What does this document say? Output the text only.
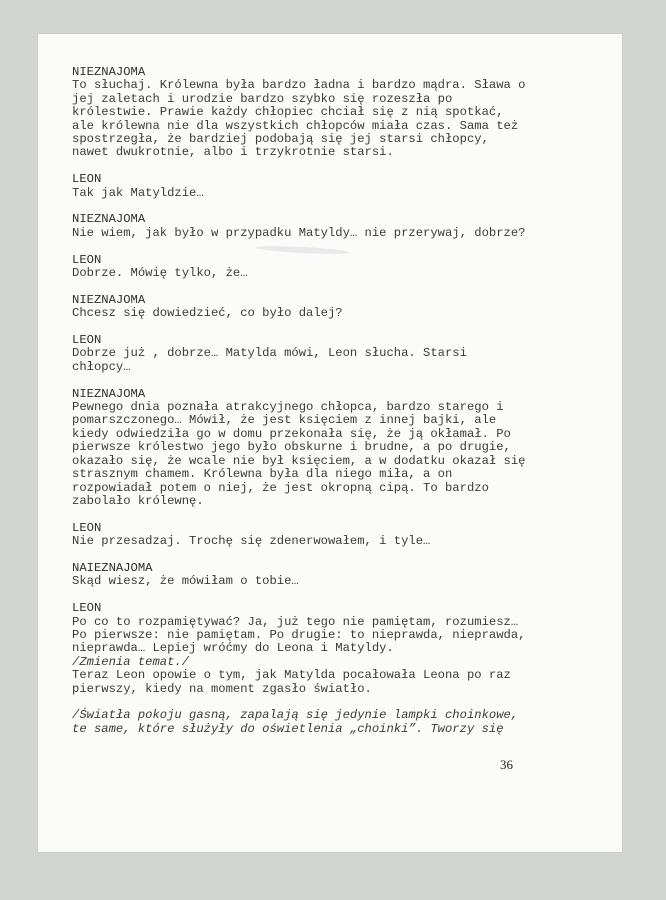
NIEZNAJOMA
To słuchaj. Królewna była bardzo ładna i bardzo mądra. Sława o
jej zaletach i urodzie bardzo szybko się rozeszła po
królestwie. Prawie każdy chłopiec chciał się z nią spotkać,
ale królewna nie dla wszystkich chłopców miała czas. Sama też
spostrzegła, że bardziej podobają się jej starsi chłopcy,
nawet dwukrotnie, albo i trzykrotnie starsi.
LEON
Tak jak Matyldzie…
NIEZNAJOMA
Nie wiem, jak było w przypadku Matyldy… nie przerywaj, dobrze?
LEON
Dobrze. Mówię tylko, że…
NIEZNAJOMA
Chcesz się dowiedzieć, co było dalej?
LEON
Dobrze już , dobrze… Matylda mówi, Leon słucha. Starsi
chłopcy…
NIEZNAJOMA
Pewnego dnia poznała atrakcyjnego chłopca, bardzo starego i
pomarszczonego… Mówił, że jest księciem z innej bajki, ale
kiedy odwiedziła go w domu przekonała się, że ją okłamał. Po
pierwsze królestwo jego było obskurne i brudne, a po drugie,
okazało się, że wcale nie był księciem, a w dodatku okazał się
strasznym chamem. Królewna była dla niego miła, a on
rozpowiadał potem o niej, że jest okropną cipą. To bardzo
zabolało królewnę.
LEON
Nie przesadzaj. Trochę się zdenerwowałem, i tyle…
NAIEZNAJOMA
Skąd wiesz, że mówiłam o tobie…
LEON
Po co to rozpamiętywać? Ja, już tego nie pamiętam, rozumiesz…
Po pierwsze: nie pamiętam. Po drugie: to nieprawda, nieprawda,
nieprawda… Lepiej wróćmy do Leona i Matyldy.
/Zmienia temat./
Teraz Leon opowie o tym, jak Matylda pocałowała Leona po raz
pierwszy, kiedy na moment zgasło światło.
/Światła pokoju gasną, zapalają się jedynie lampki choinkowe,
te same, które służyły do oświetlenia „choinki”. Tworzy się
36
